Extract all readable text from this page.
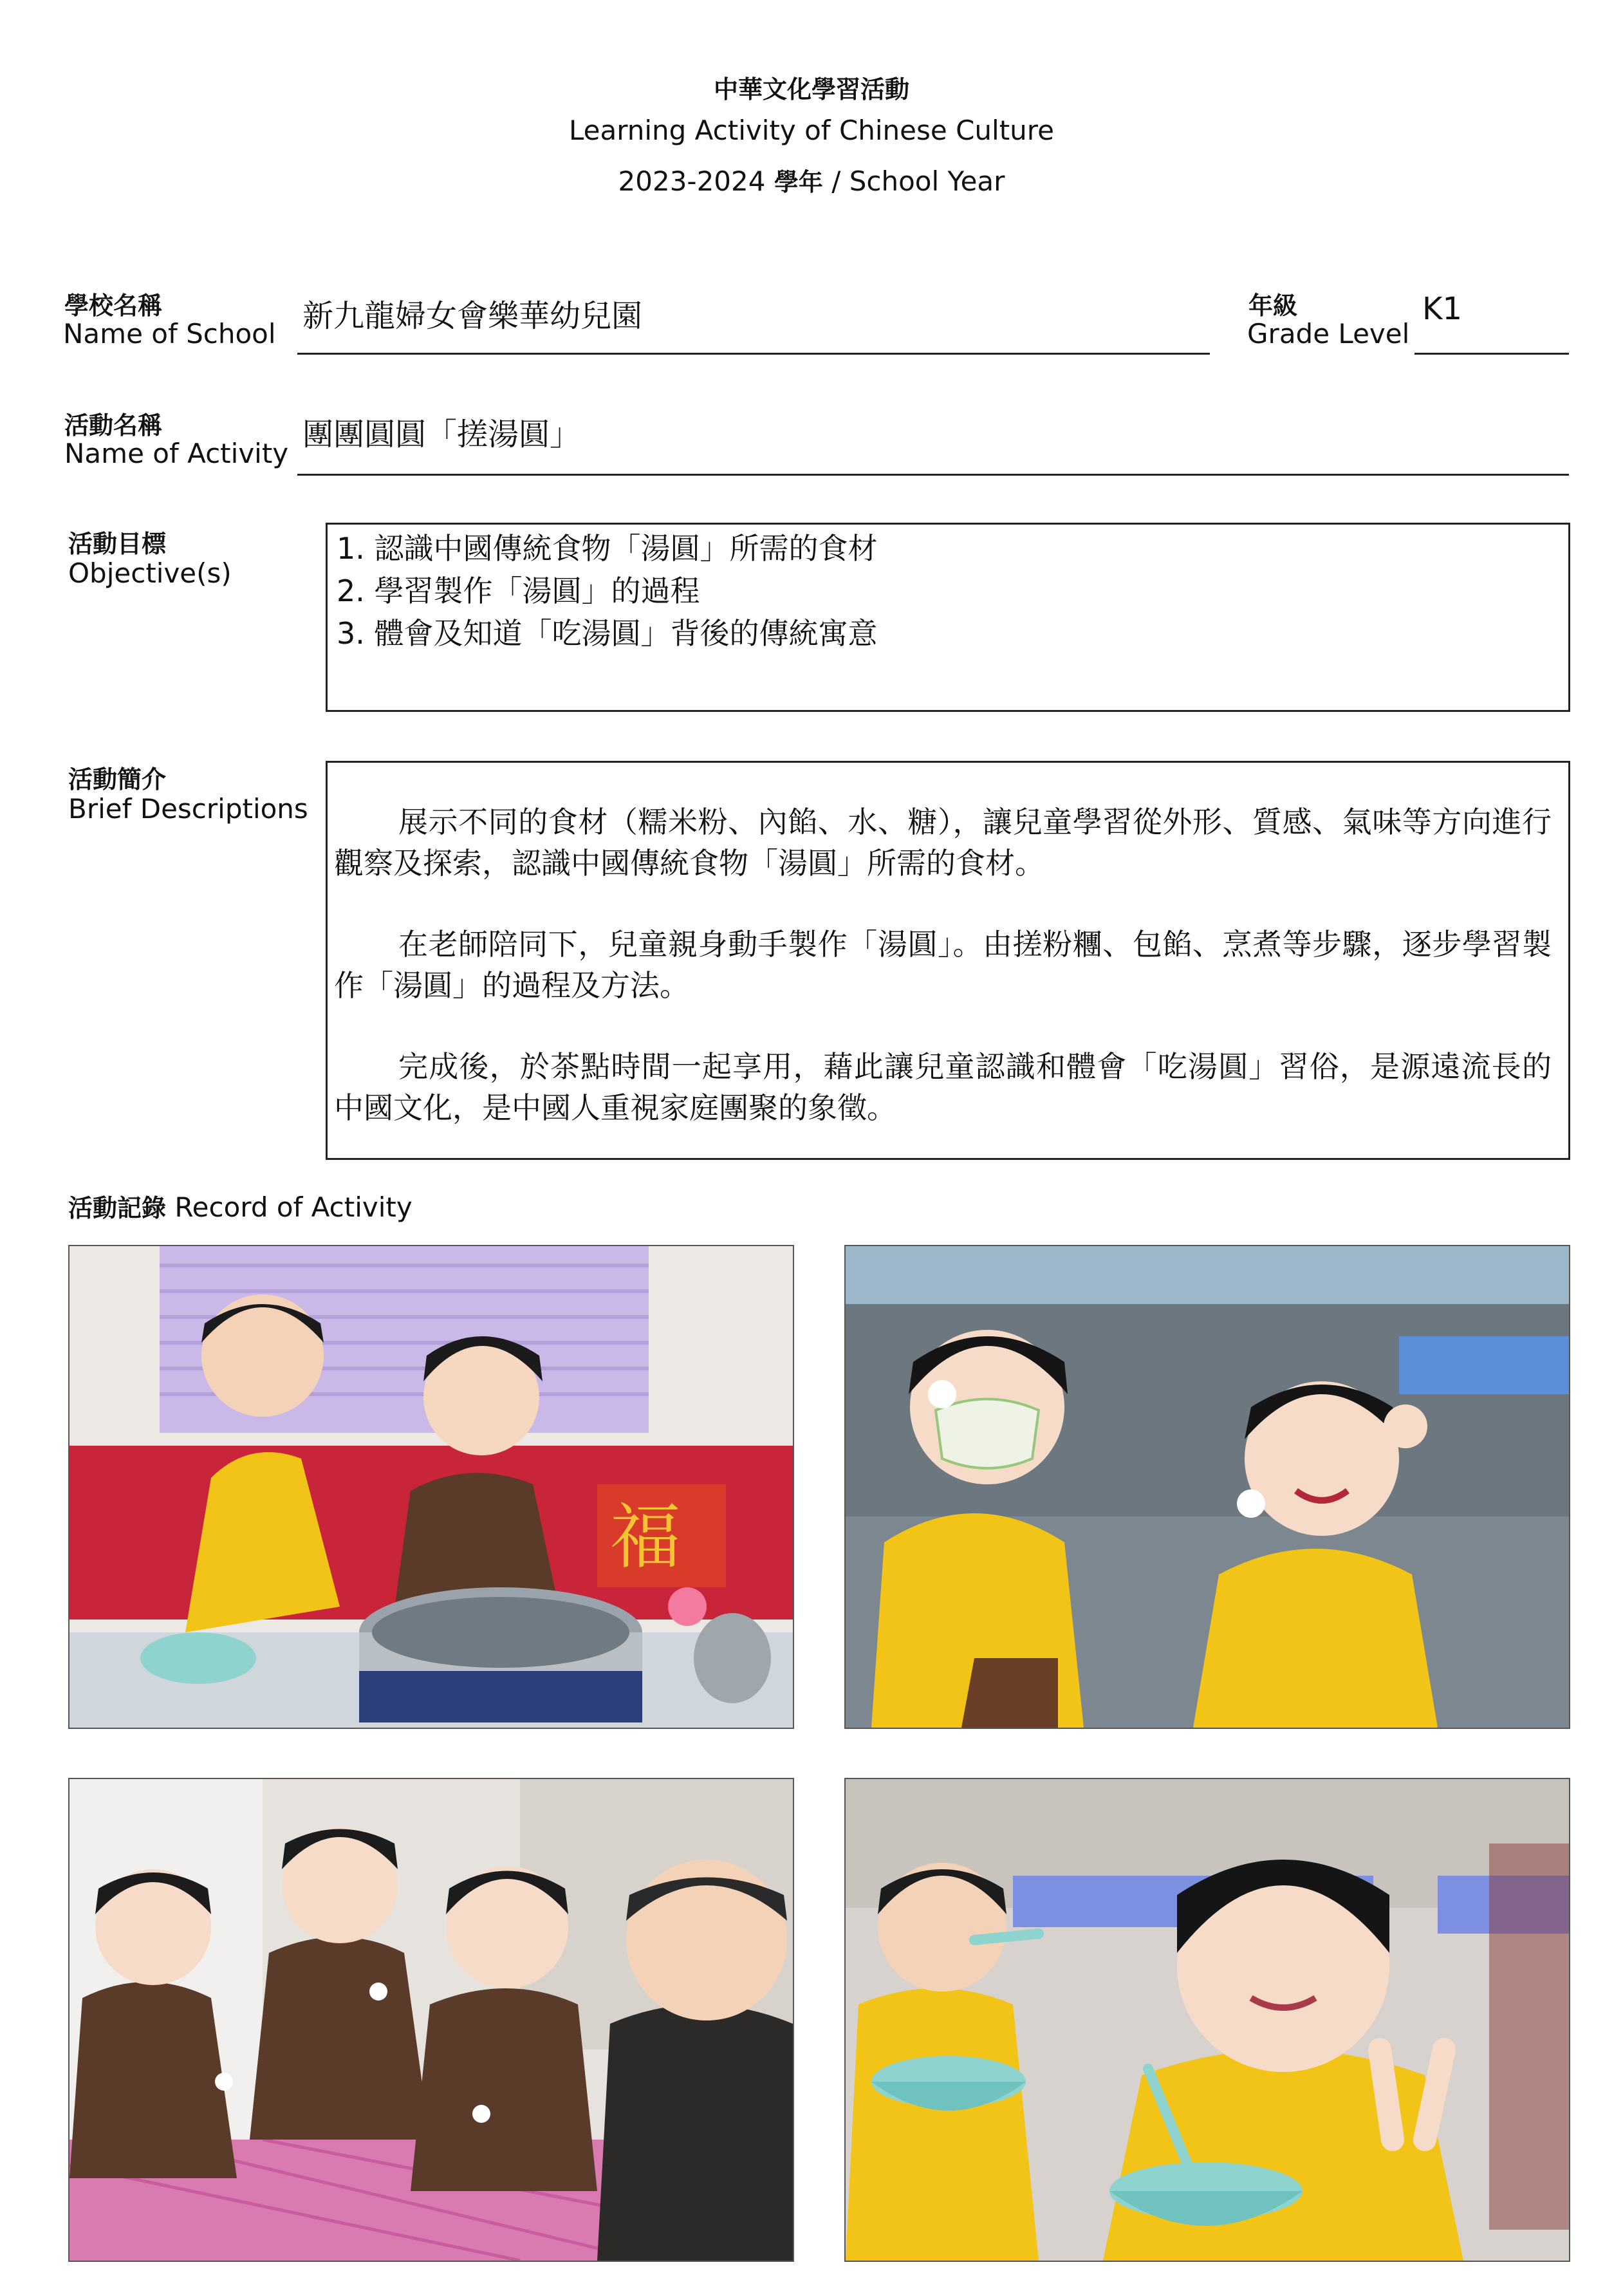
中華文化學習活動
Learning Activity of Chinese Culture
2023-2024 學年 / School Year
學校名稱
Name of School 新九龍婦女會樂華幼兒園	年級
Grade Level
K1
活動名稱
Name of Activity
團團圓圓「搓湯圓」
活動目標
Objective(s)
1. 認識中國傳統食物「湯圓」所需的食材
2. 學習製作「湯圓」的過程
3. 體會及知道「吃湯圓」背後的傳統寓意
活動簡介
Brief Descriptions	展示不同的食材（糯米粉、內餡、水、糖），讓兒童學習從外形、質感、氣味等方向進行觀察及探索，認識中國傳統食物「湯圓」所需的食材。

在老師陪同下，兒童親身動手製作「湯圓」。由搓粉糰、包餡、烹煮等步驟，逐步學習製作「湯圓」的過程及方法。

完成後，於茶點時間一起享用，藉此讓兒童認識和體會「吃湯圓」習俗，是源遠流長的中國文化，是中國人重視家庭團聚的象徵。

活動記錄 Record of Activity
福
